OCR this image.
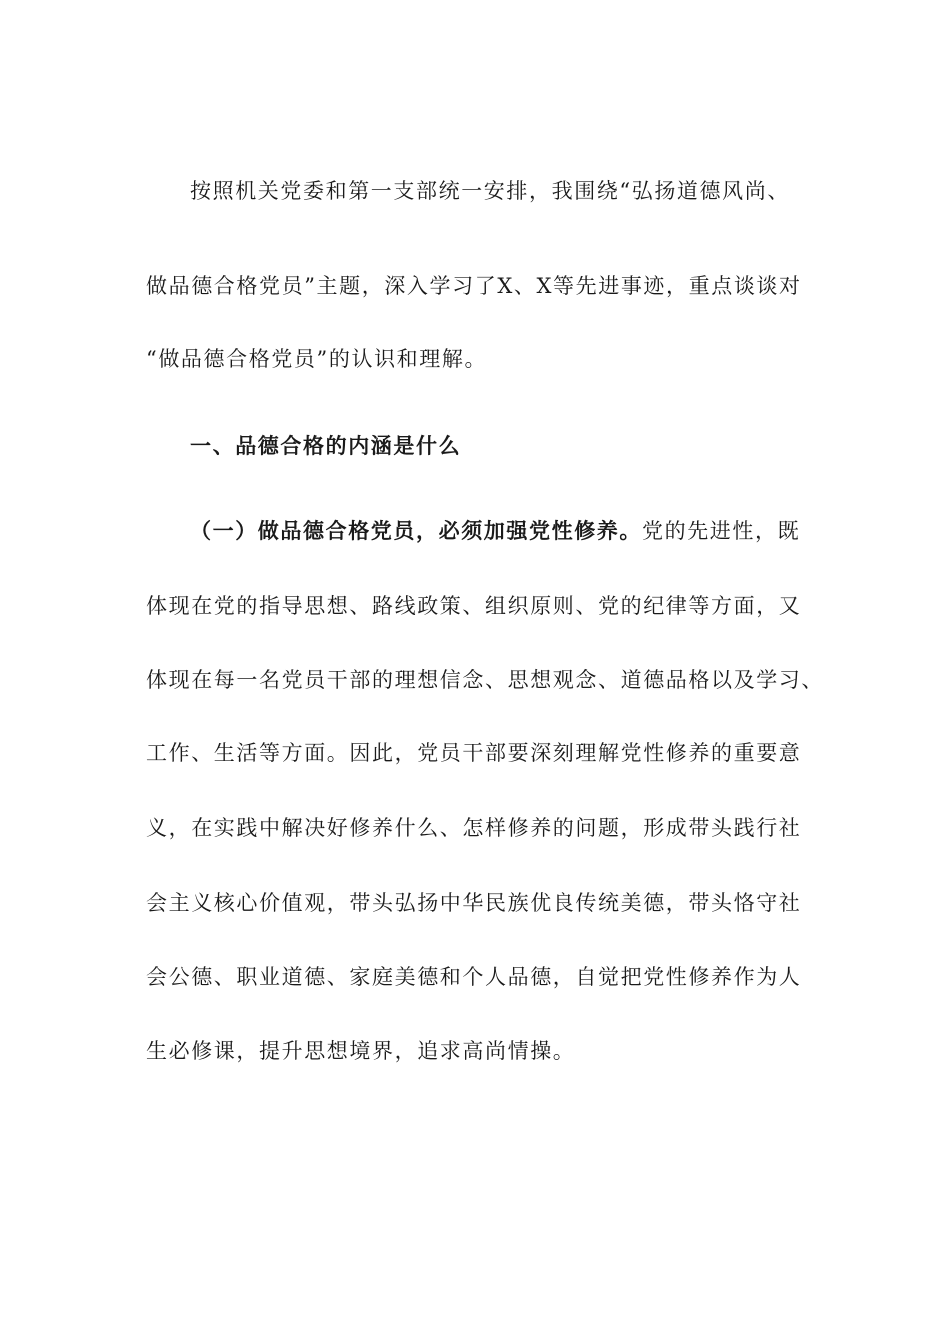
按照机关党委和第一支部统一安排，我围绕“弘扬道德风尚、
做品德合格党员”主题，深入学习了X、X等先进事迹，重点谈谈对
“做品德合格党员”的认识和理解。
一、品德合格的内涵是什么
（一）做品德合格党员，必须加强党性修养。党的先进性，既
体现在党的指导思想、路线政策、组织原则、党的纪律等方面，又
体现在每一名党员干部的理想信念、思想观念、道德品格以及学习、
工作、生活等方面。因此，党员干部要深刻理解党性修养的重要意
义，在实践中解决好修养什么、怎样修养的问题，形成带头践行社
会主义核心价值观，带头弘扬中华民族优良传统美德，带头恪守社
会公德、职业道德、家庭美德和个人品德，自觉把党性修养作为人
生必修课，提升思想境界，追求高尚情操。
